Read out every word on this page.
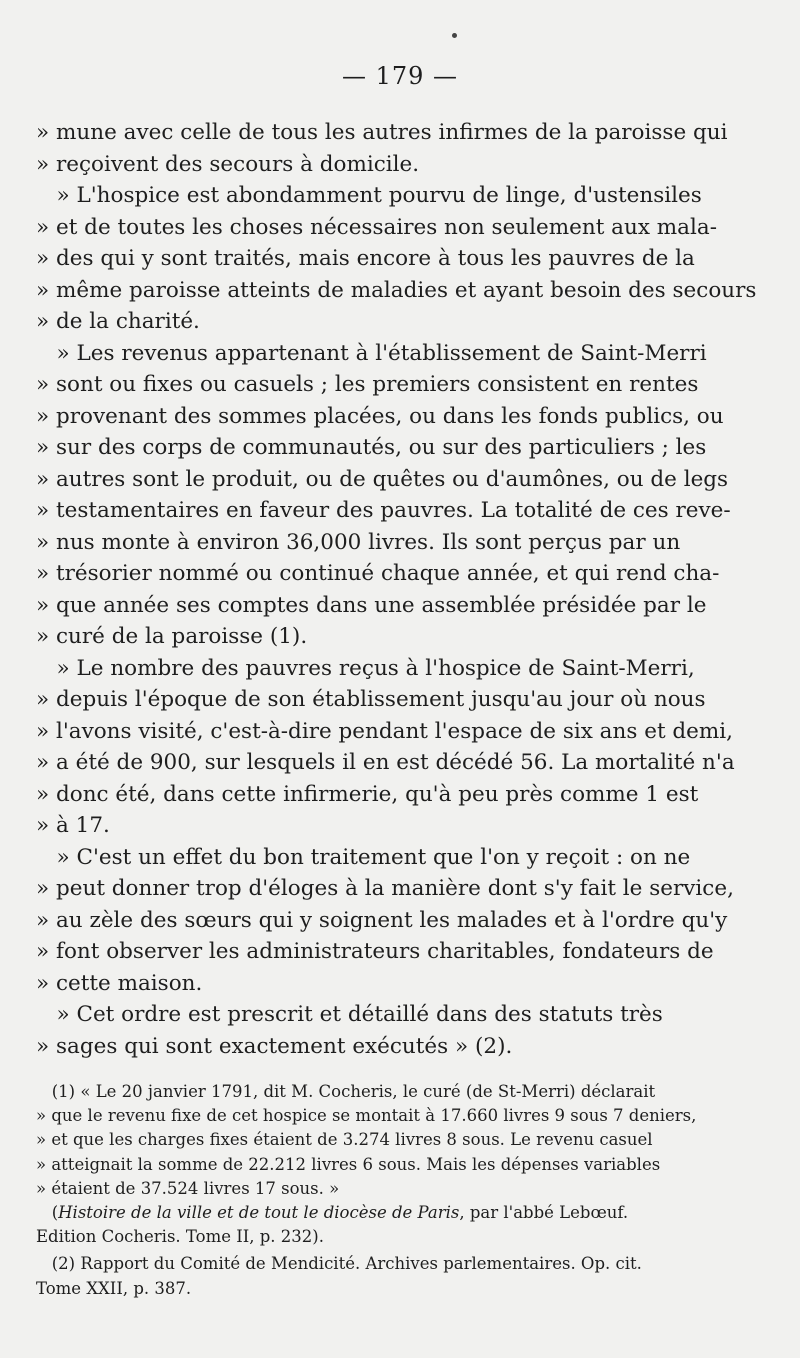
— 179 —
» mune avec celle de tous les autres infirmes de la paroisse qui
» reçoivent des secours à domicile.
» L'hospice est abondamment pourvu de linge, d'ustensiles
» et de toutes les choses nécessaires non seulement aux mala-
» des qui y sont traités, mais encore à tous les pauvres de la
» même paroisse atteints de maladies et ayant besoin des secours
» de la charité.
» Les revenus appartenant à l'établissement de Saint-Merri
» sont ou fixes ou casuels ; les premiers consistent en rentes
» provenant des sommes placées, ou dans les fonds publics, ou
» sur des corps de communautés, ou sur des particuliers ; les
» autres sont le produit, ou de quêtes ou d'aumônes, ou de legs
» testamentaires en faveur des pauvres. La totalité de ces reve-
» nus monte à environ 36,000 livres. Ils sont perçus par un
» trésorier nommé ou continué chaque année, et qui rend cha-
» que année ses comptes dans une assemblée présidée par le
» curé de la paroisse (1).
» Le nombre des pauvres reçus à l'hospice de Saint-Merri,
» depuis l'époque de son établissement jusqu'au jour où nous
» l'avons visité, c'est-à-dire pendant l'espace de six ans et demi,
» a été de 900, sur lesquels il en est décédé 56. La mortalité n'a
» donc été, dans cette infirmerie, qu'à peu près comme 1 est
» à 17.
» C'est un effet du bon traitement que l'on y reçoit : on ne
» peut donner trop d'éloges à la manière dont s'y fait le service,
» au zèle des sœurs qui y soignent les malades et à l'ordre qu'y
» font observer les administrateurs charitables, fondateurs de
» cette maison.
» Cet ordre est prescrit et détaillé dans des statuts très
» sages qui sont exactement exécutés » (2).
(1) « Le 20 janvier 1791, dit M. Cocheris, le curé (de St-Merri) déclarait
» que le revenu fixe de cet hospice se montait à 17.660 livres 9 sous 7 deniers,
» et que les charges fixes étaient de 3.274 livres 8 sous. Le revenu casuel
» atteignait la somme de 22.212 livres 6 sous. Mais les dépenses variables
» étaient de 37.524 livres 17 sous. »
(Histoire de la ville et de tout le diocèse de Paris, par l'abbé Lebœuf.
Edition Cocheris. Tome II, p. 232).
(2) Rapport du Comité de Mendicité. Archives parlementaires. Op. cit.
Tome XXII, p. 387.
